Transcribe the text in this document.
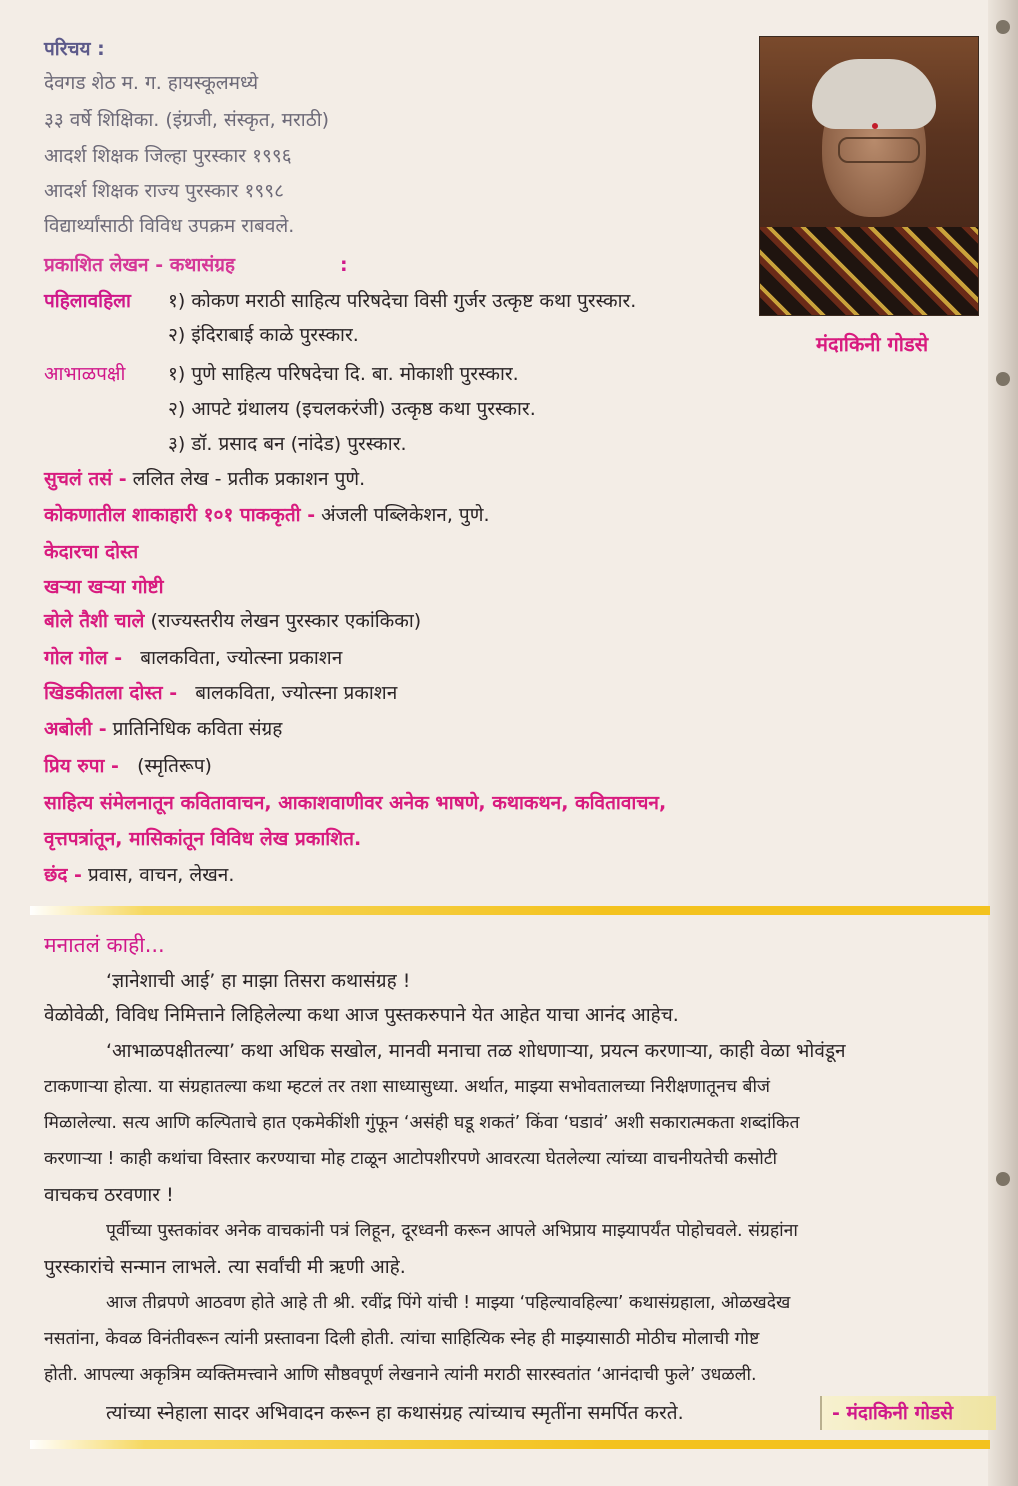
परिचय :
देवगड शेठ म. ग. हायस्कूलमध्ये
३३ वर्षे शिक्षिका. (इंग्रजी, संस्कृत, मराठी)
आदर्श शिक्षक जिल्हा पुरस्कार १९९६
आदर्श शिक्षक राज्य पुरस्कार १९९८
विद्यार्थ्यांसाठी विविध उपक्रम राबवले.
मंदाकिनी गोडसे
प्रकाशित लेखन - कथासंग्रह	:
पहिलावहिला १) कोकण मराठी साहित्य परिषदेचा विसी गुर्जर उत्कृष्ट कथा पुरस्कार.
२) इंदिराबाई काळे पुरस्कार.
आभाळपक्षी १) पुणे साहित्य परिषदेचा दि. बा. मोकाशी पुरस्कार.
२) आपटे ग्रंथालय (इचलकरंजी) उत्कृष्ठ कथा पुरस्कार.
३) डॉ. प्रसाद बन (नांदेड) पुरस्कार.
सुचलं तसं - ललित लेख - प्रतीक प्रकाशन पुणे.
कोकणातील शाकाहारी १०१ पाककृती - अंजली पब्लिकेशन, पुणे.
केदारचा दोस्त
खऱ्या खऱ्या गोष्टी
बोले तैशी चाले (राज्यस्तरीय लेखन पुरस्कार एकांकिका)
गोल गोल - बालकविता, ज्योत्स्ना प्रकाशन
खिडकीतला दोस्त - बालकविता, ज्योत्स्ना प्रकाशन
अबोली - प्रातिनिधिक कविता संग्रह
प्रिय रुपा - (स्मृतिरूप)
साहित्य संमेलनातून कवितावाचन, आकाशवाणीवर अनेक भाषणे, कथाकथन, कवितावाचन,
वृत्तपत्रांतून, मासिकांतून विविध लेख प्रकाशित.
छंद - प्रवास, वाचन, लेखन.
मनातलं काही...
‘ज्ञानेशाची आई’ हा माझा तिसरा कथासंग्रह !
वेळोवेळी, विविध निमित्ताने लिहिलेल्या कथा आज पुस्तकरुपाने येत आहेत याचा आनंद आहेच.
‘आभाळपक्षीतल्या’ कथा अधिक सखोल, मानवी मनाचा तळ शोधणाऱ्या, प्रयत्न करणाऱ्या, काही वेळा भोवंडून
टाकणाऱ्या होत्या. या संग्रहातल्या कथा म्हटलं तर तशा साध्यासुध्या. अर्थात, माझ्या सभोवतालच्या निरीक्षणातूनच बीजं
मिळालेल्या. सत्य आणि कल्पिताचे हात एकमेकींशी गुंफून ‘असंही घडू शकतं’ किंवा ‘घडावं’ अशी सकारात्मकता शब्दांकित
करणाऱ्या ! काही कथांचा विस्तार करण्याचा मोह टाळून आटोपशीरपणे आवरत्या घेतलेल्या त्यांच्या वाचनीयतेची कसोटी
वाचकच ठरवणार !
पूर्वीच्या पुस्तकांवर अनेक वाचकांनी पत्रं लिहून, दूरध्वनी करून आपले अभिप्राय माझ्यापर्यंत पोहोचवले. संग्रहांना
पुरस्कारांचे सन्मान लाभले. त्या सर्वांची मी ऋणी आहे.
आज तीव्रपणे आठवण होते आहे ती श्री. रवींद्र पिंगे यांची ! माझ्या ‘पहिल्यावहिल्या’ कथासंग्रहाला, ओळखदेख
नसतांना, केवळ विनंतीवरून त्यांनी प्रस्तावना दिली होती. त्यांचा साहित्यिक स्नेह ही माझ्यासाठी मोठीच मोलाची गोष्ट
होती. आपल्या अकृत्रिम व्यक्तिमत्त्वाने आणि सौष्ठवपूर्ण लेखनाने त्यांनी मराठी सारस्वतांत ‘आनंदाची फुले’ उधळली.
त्यांच्या स्नेहाला सादर अभिवादन करून हा कथासंग्रह त्यांच्याच स्मृतींना समर्पित करते.	- मंदाकिनी गोडसे
